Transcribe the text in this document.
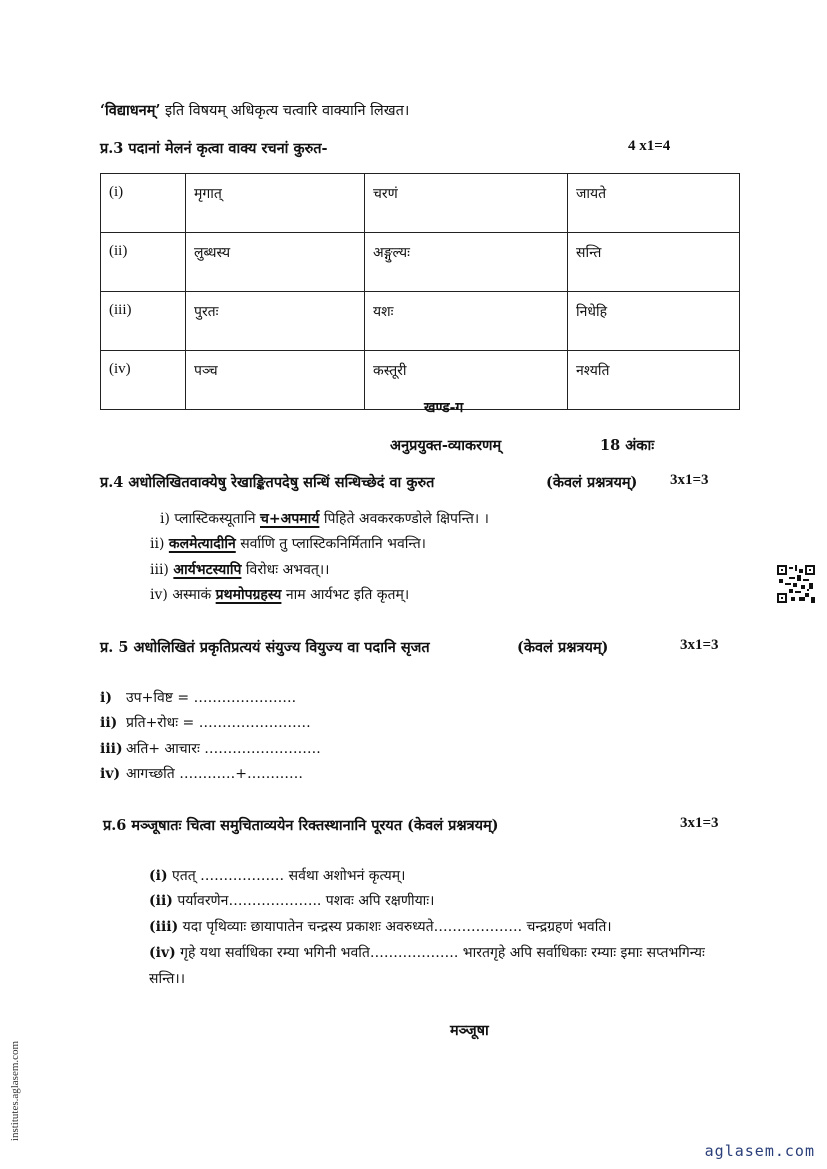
‘विद्याधनम्’ इति विषयम् अधिकृत्य चत्वारि वाक्यानि लिखत।
प्र.3 पदानां मेलनं कृत्वा वाक्य रचनां कुरुत-	4 x1=4
(i)	मृगात्	चरणं	जायते
(ii)	लुब्धस्य	अङ्गुल्यः	सन्ति
(iii)	पुरतः	यशः	निधेहि
(iv)	पञ्च	कस्तूरी	नश्यति
खण्ड-ग
अनुप्रयुक्त-व्याकरणम्	18 अंकाः
प्र.4 अधोलिखितवाक्येषु रेखाङ्कितपदेषु सन्धिं सन्धिच्छेदं वा कुरुत	(केवलं प्रश्नत्रयम्) 3x1=3
i) प्लास्टिकस्यूतानि च+अपमार्य पिहिते अवकरकण्डोले क्षिपन्ति। ।
ii) कलमेत्यादीनि सर्वाणि तु प्लास्टिकनिर्मितानि भवन्ति।
iii) आर्यभटस्यापि विरोधः अभवत्।।
iv) अस्माकं प्रथमोपग्रहस्य नाम आर्यभट इति कृतम्।
प्र. 5 अधोलिखितं प्रकृतिप्रत्ययं संयुज्य वियुज्य वा पदानि सृजत	(केवलं प्रश्नत्रयम्)	3x1=3
i) उप+विष्ट = ………………….
ii) प्रति+रोधः = ……………………
iii) अति+ आचारः …………………….
iv) आगच्छति …………+…………
प्र.6 मञ्जूषातः चित्वा समुचिताव्ययेन रिक्तस्थानानि पूरयत (केवलं प्रश्नत्रयम्)	3x1=3
(i) एतत् ……………… सर्वथा अशोभनं कृत्यम्।
(ii) पर्यावरणेन……………….. पशवः अपि रक्षणीयाः।
(iii) यदा पृथिव्याः छायापातेन चन्द्रस्य प्रकाशः अवरुध्यते………………. चन्द्रग्रहणं भवति।
(iv) गृहे यथा सर्वाधिका रम्या भगिनी भवति………………. भारतगृहे अपि सर्वाधिकाः रम्याः इमाः सप्तभगिन्यः
सन्ति।।
मञ्जूषा
institutes.aglasem.com
aglasem.com
